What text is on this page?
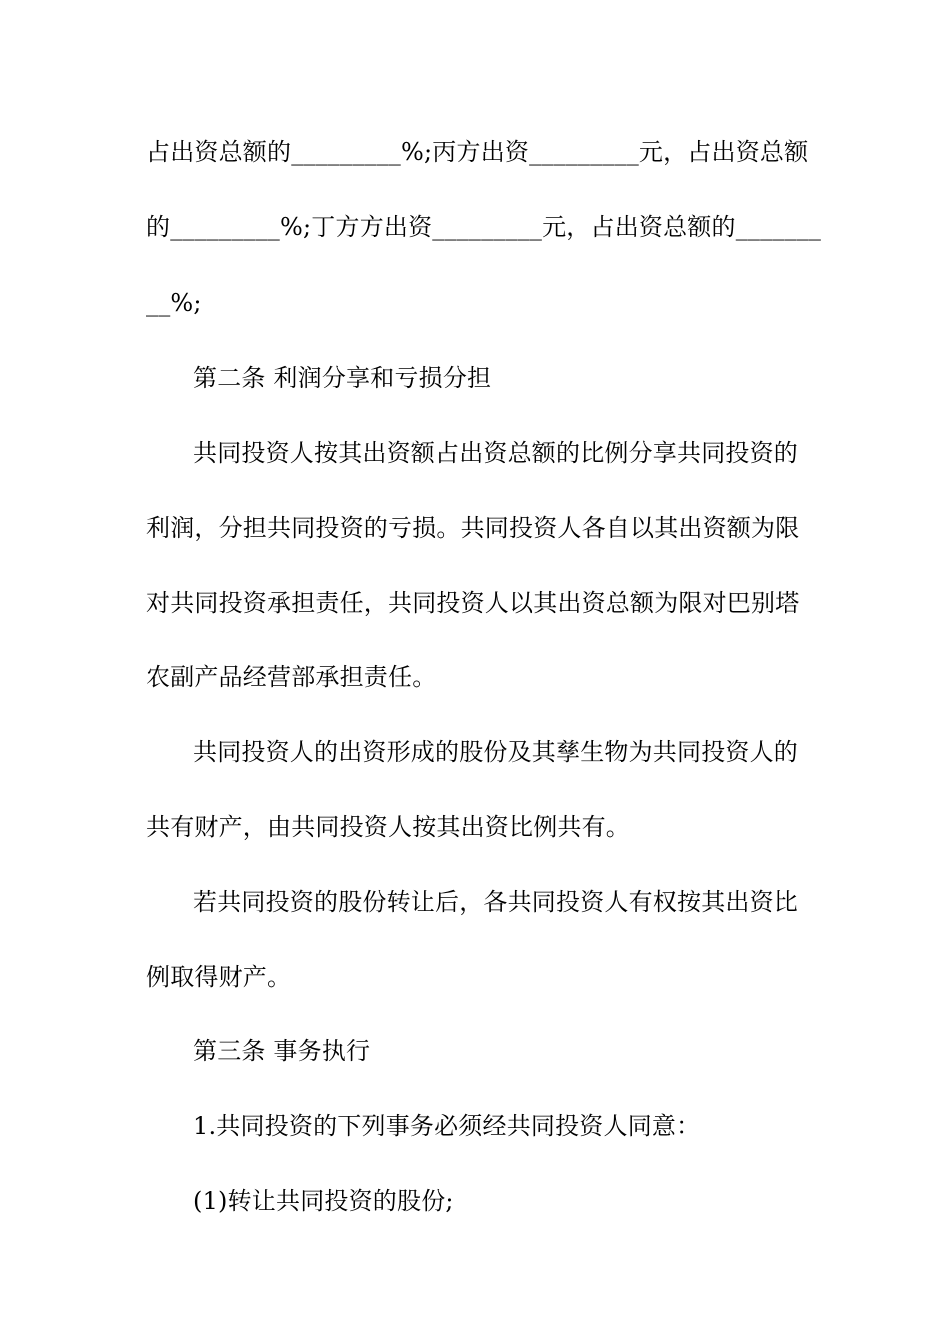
占出资总额的_________%;丙方出资_________元，占出资总额
的_________%;丁方方出资_________元，占出资总额的_______
__%;
第二条 利润分享和亏损分担
共同投资人按其出资额占出资总额的比例分享共同投资的
利润，分担共同投资的亏损。共同投资人各自以其出资额为限
对共同投资承担责任，共同投资人以其出资总额为限对巴别塔
农副产品经营部承担责任。
共同投资人的出资形成的股份及其孳生物为共同投资人的
共有财产，由共同投资人按其出资比例共有。
若共同投资的股份转让后，各共同投资人有权按其出资比
例取得财产。
第三条 事务执行
1.共同投资的下列事务必须经共同投资人同意：
(1)转让共同投资的股份;
